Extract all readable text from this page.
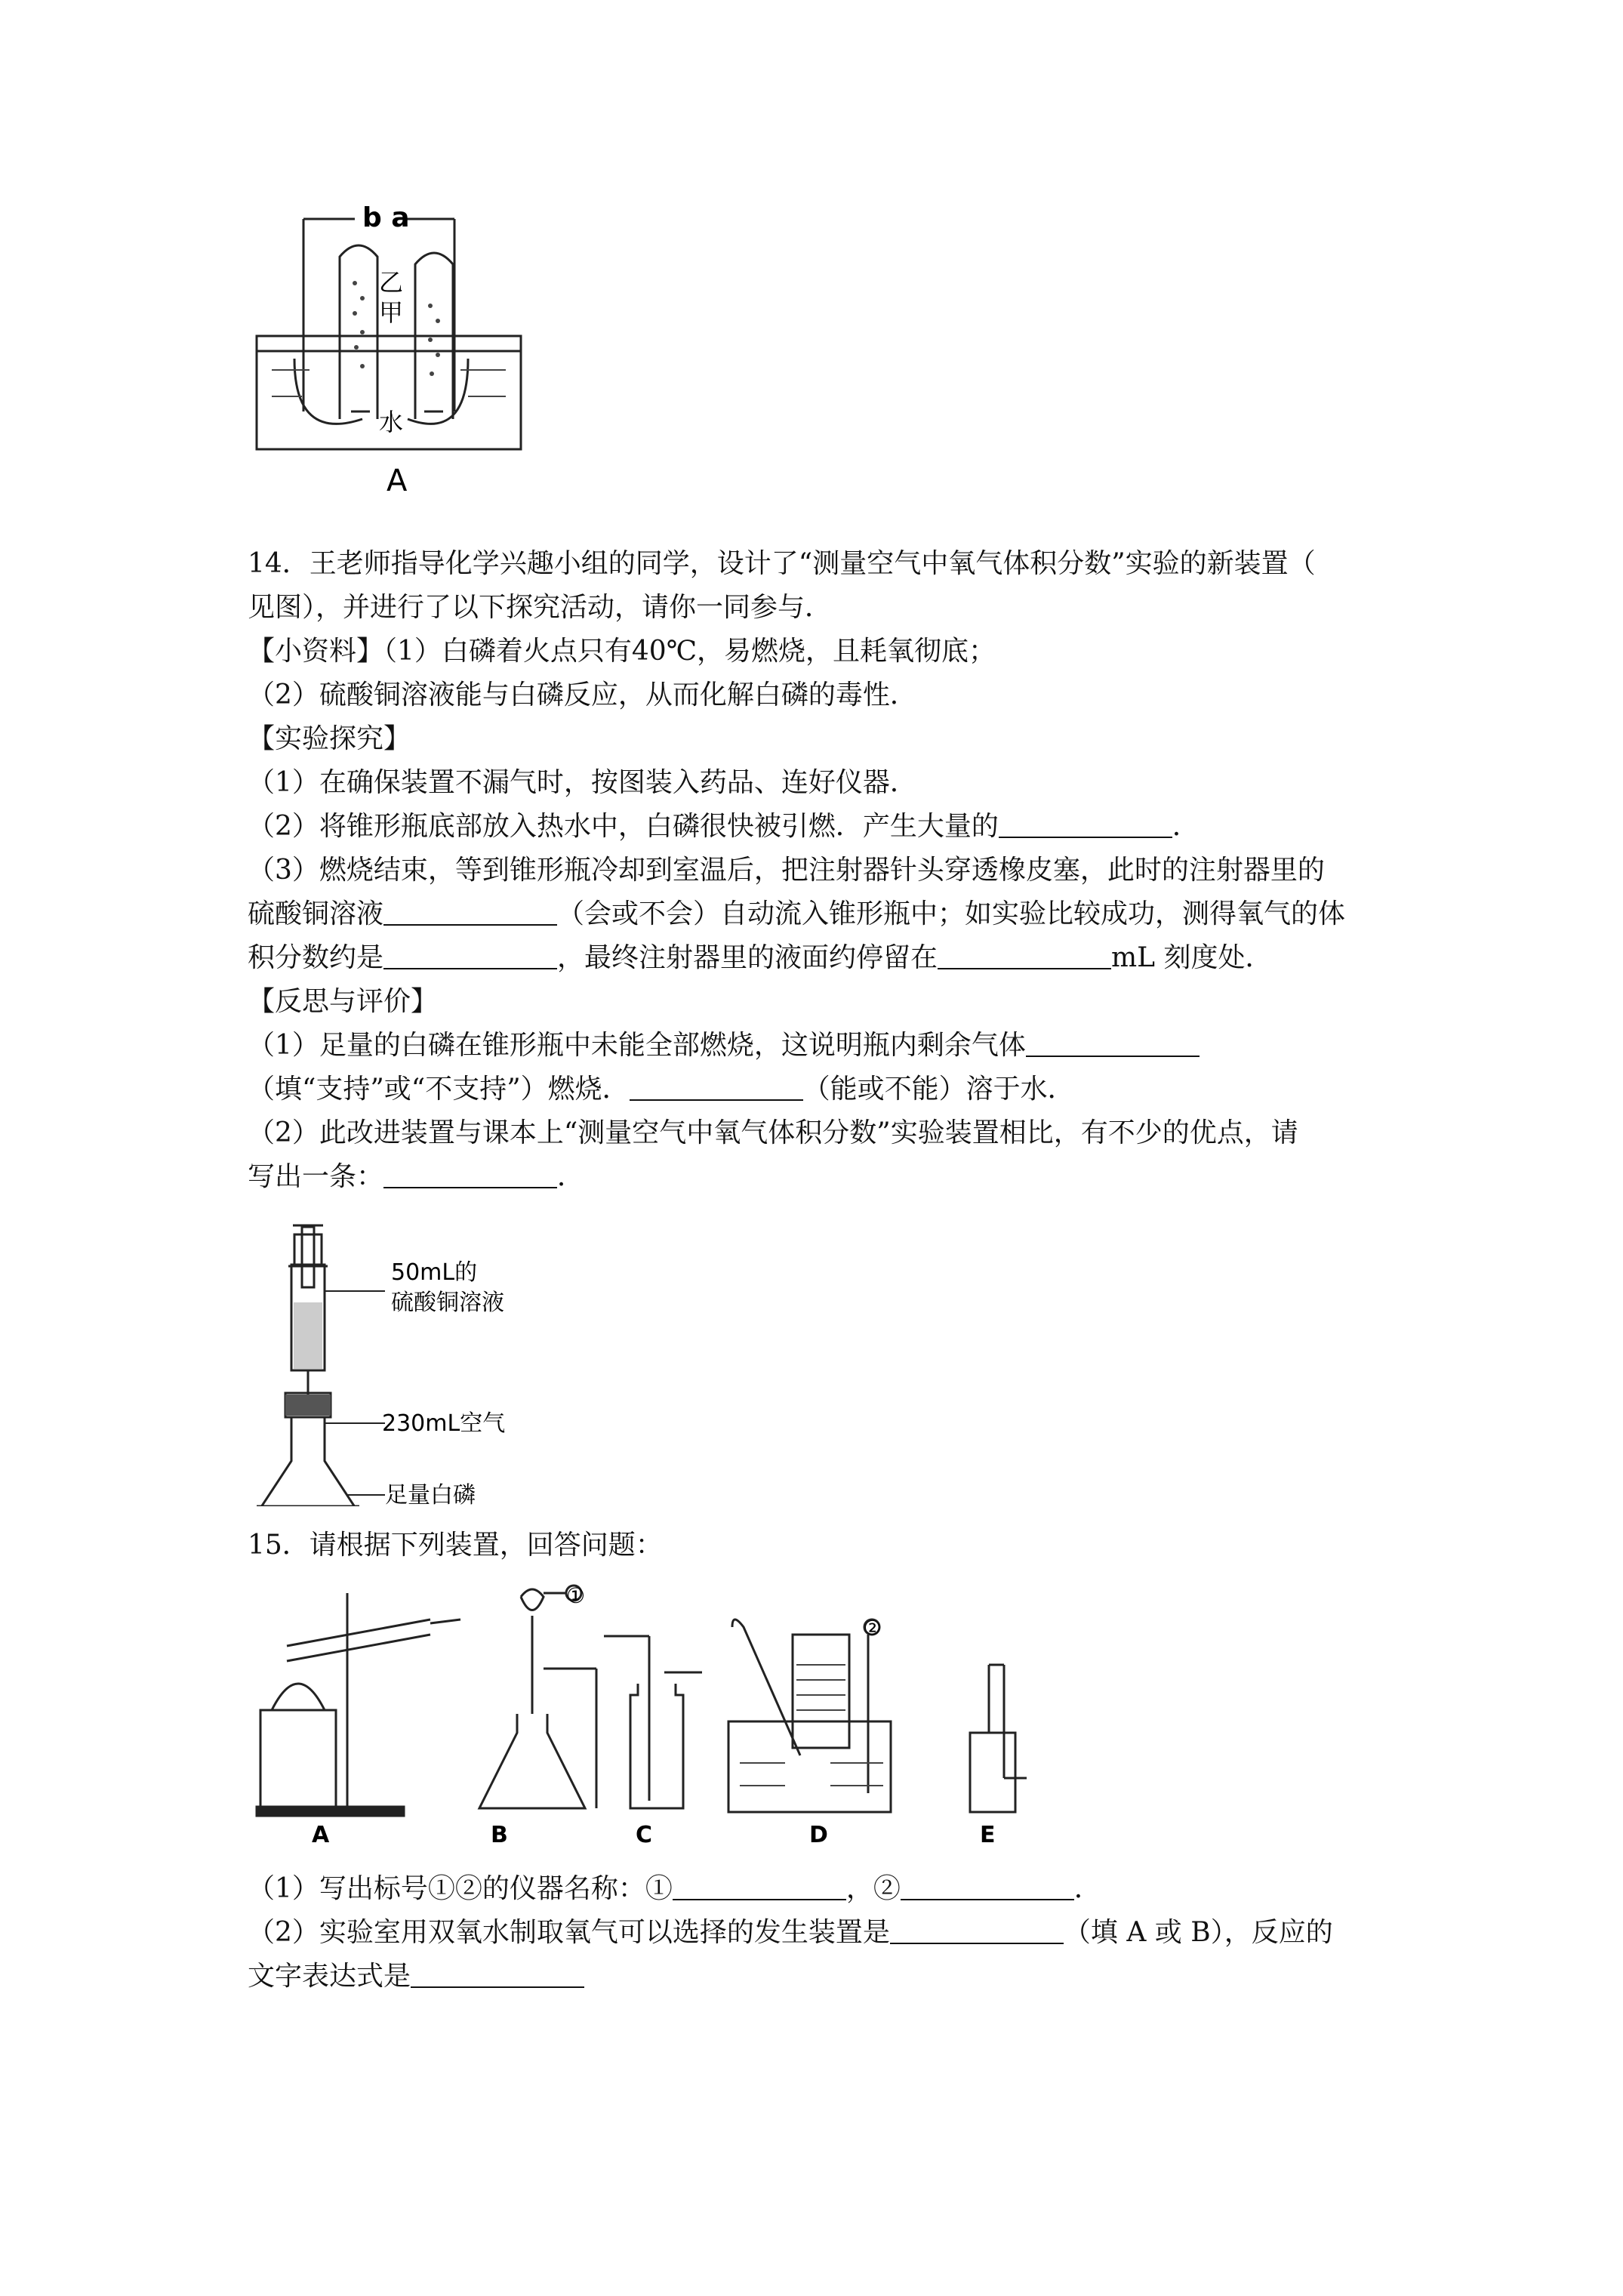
b a
乙
甲
水
A
14．王老师指导化学兴趣小组的同学，设计了“测量空气中氧气体积分数”实验的新装置（
见图），并进行了以下探究活动，请你一同参与．
【小资料】（1）白磷着火点只有40℃，易燃烧，且耗氧彻底；
（2）硫酸铜溶液能与白磷反应，从而化解白磷的毒性．
【实验探究】
（1）在确保装置不漏气时，按图装入药品、连好仪器．
（2）将锥形瓶底部放入热水中，白磷很快被引燃．产生大量的	．
（3）燃烧结束，等到锥形瓶冷却到室温后，把注射器针头穿透橡皮塞，此时的注射器里的
硫酸铜溶液	（会或不会）自动流入锥形瓶中；如实验比较成功，测得氧气的体
积分数约是	，最终注射器里的液面约停留在	mL 刻度处．
【反思与评价】
（1）足量的白磷在锥形瓶中未能全部燃烧，这说明瓶内剩余气体
（填“支持”或“不支持”）燃烧．	（能或不能）溶于水．
（2）此改进装置与课本上“测量空气中氧气体积分数”实验装置相比，有不少的优点，请
写出一条：	．
50mL的
硫酸铜溶液
230mL空气
足量白磷
15．请根据下列装置，回答问题：
①
②
A	B	C	D	E
（1）写出标号①②的仪器名称：①	，②	．
（2）实验室用双氧水制取氧气可以选择的发生装置是	（填 A 或 B），反应的
文字表达式是
